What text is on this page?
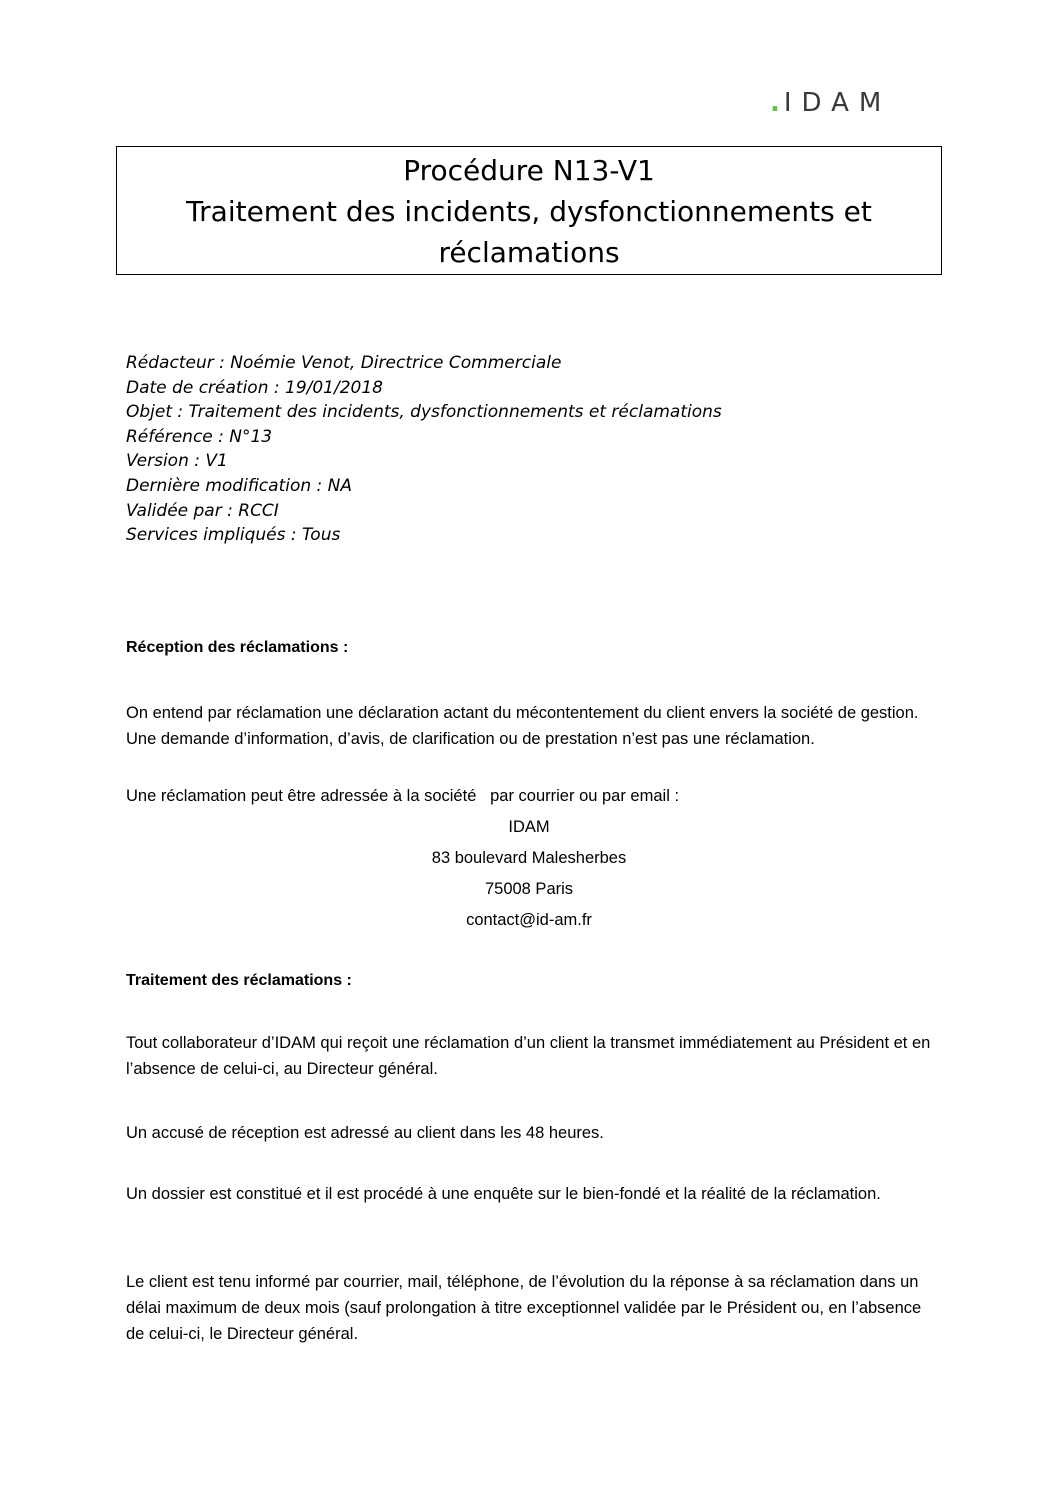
.IDAM
Procédure N13-V1
Traitement des incidents, dysfonctionnements et
réclamations
Rédacteur : Noémie Venot, Directrice Commerciale
Date de création : 19/01/2018
Objet : Traitement des incidents, dysfonctionnements et réclamations
Référence : N°13
Version : V1
Dernière modification : NA
Validée par : RCCI
Services impliqués : Tous
Réception des réclamations :
On entend par réclamation une déclaration actant du mécontentement du client envers la société de gestion. Une demande d’information, d’avis, de clarification ou de prestation n’est pas une réclamation.
Une réclamation peut être adressée à la société   par courrier ou par email :
IDAM
83 boulevard Malesherbes
75008 Paris
contact@id-am.fr
Traitement des réclamations :
Tout collaborateur d’IDAM qui reçoit une réclamation d’un client la transmet immédiatement au Président et en l’absence de celui-ci, au Directeur général.
Un accusé de réception est adressé au client dans les 48 heures.
Un dossier est constitué et il est procédé à une enquête sur le bien-fondé et la réalité de la réclamation.
Le client est tenu informé par courrier, mail, téléphone, de l’évolution du la réponse à sa réclamation dans un délai maximum de deux mois (sauf prolongation à titre exceptionnel validée par le Président ou, en l’absence de celui-ci, le Directeur général.
